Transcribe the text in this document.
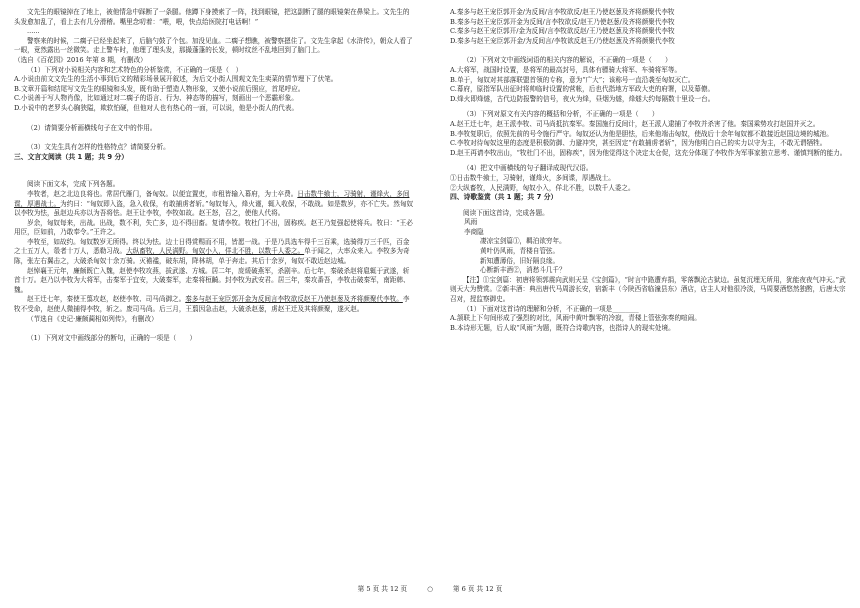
文先生的眼镜掉在了地上，被他情急中踩断了一条腿。他蹲下身摸索了一阵，找到眼镜，把这副断了腿的眼镜架在鼻梁上。文先生的头发愈加乱了，看上去有几分滑稽。嘴里念叨着：“喂，喂，快点给医院打电话啊！”

......

警察来的时候，二瘸子已经坐起来了，后脑勺鼓了个包。加没见血。二瘸子想瞧，被警察摁住了。文先生拿起《水浒传》，朝众人看了一眼，竟然露出一丝微笑。走上警车时，他理了理头发，那撮蓬蓬的长发，顿时纹丝不乱地回到了脑门上。

（选自《百花园》2016 年第 8 期，有删改）

（1）下列对小说相关内容和艺术特色的分析鉴赏，不正确的一项是（　）

A.小说由前文文先生的生活小事到后文的精彩场景展开叙述，为后文小街人围观文先生卖菜的情节埋下了伏笔。

B.文章开篇和结尾写文先生的眼镜和头发，既有助于塑造人物形象，又使小说前后照应，首尾呼应。

C.小说善于写人物肖像，比如通过对二瘸子的语言、行为、神态等的描写，刻画出一个恶霸形象。

D.小说中的老罗头心胸狭隘，欺软怕硬，但他对人也有热心的一面，可以说，他是小街人的代表。

（2）请简要分析画横线句子在文中的作用。

（3）文先生具有怎样的性格特点？请简要分析。

三、文言文阅读（共 1 题；共 9 分）

阅读下面文本，完成下列各题。

李牧者，赵之北边良将也。常居代雁门，备匈奴。以便宜置吏，市租皆输入幕府，为士卒费。日击数牛飨士，习骑射，谨烽火，多间谍，厚遇战士。为约曰：“匈奴即入盗，急入收保，有敢捕虏者斩。”匈奴每入，烽火谨，辄入收保，不敢战。如是数岁，亦不亡失。然匈奴以李牧为怯，虽赵边兵亦以为吾将怯。赵王让李牧，李牧如故。赵王怒，召之，使他人代将。

岁余，匈奴每来，出战。出战，数不利，失亡多，边不得田畜。复请李牧。牧杜门不出，固称疾。赵王乃复强起使将兵。牧曰：“王必用臣，臣如前，乃敢奉令。”王许之。

李牧至，如故约。匈奴数岁无所得。终以为怯。边士日得赏赐而不用，皆愿一战。于是乃具选车得千三百乘，选骑得万三千匹，百金之士五万人，彀者十万人，悉勒习战。大纵畜牧，人民满野。匈奴小入，佯北不胜，以数千人委之。单于闻之，大率众来入。李牧多为奇陈，张左右翼击之，大破杀匈奴十余万骑。灭襜褴，破东胡，降林胡，单于奔走。其后十余岁，匈奴不敢近赵边城。

赵悼襄王元年，廉颇既亡入魏，赵使李牧攻燕，拔武遂、方城。居二年，庞煖破燕军，杀剧辛。后七年，秦破杀赵将扈辄于武遂，斩首十万。赵乃以李牧为大将军，击秦军于宜安，大破秦军，走秦将桓齮。封李牧为武安君。居三年，秦攻番吾，李牧击破秦军，南距韩、魏。

赵王迁七年，秦使王翦攻赵，赵使李牧、司马尚御之。秦多与赵王宠臣郭开金为反间言李牧欲反赵王乃使赵葱及齐将颜聚代李牧。李牧不受命，赵使人微捕得李牧，斩之。废司马尚。后三月，王翦因急击赵，大破杀赵葱，虏赵王迁及其将颜聚，遂灭赵。

（节选自《史记·廉颇蔺相如列传》，有删改）

（1）下列对文中画线部分的断句，正确的一项是（　　）

A.秦多与赵王宠臣郭开金/为反间/言李牧欲反/赵王乃使赵葱及齐将颜聚代李牧

B.秦多与赵王宠臣郭开金为反间/言李牧欲反/赵王乃使赵葱/及齐将颜聚代李牧

C.秦多与赵王宠臣郭开/金为反间/言李牧欲反赵/王乃使赵葱及齐将颜聚代李牧

D.秦多与赵王宠臣郭开金/为反间言/李牧欲反赵王/乃使赵葱及齐将颜聚代李牧

（2）下列对文中画线词语的相关内容的解说，不正确的一项是（　　）

A.大将军，战国时设置，是将军的最高封号，具体有骠骑大将军、车骑将军等。

B.单于，匈奴对其部落联盟首领的专称，意为“广大”；该称号一直沿袭至匈奴灭亡。

C.幕府，原指军队出征时将帅临时设置的营帐，后也代指地方军政大吏的府署，以及幕僚。

D.烽火即烽燧，古代边防报警的信号，夜火为烽，昼烟为燧，烽燧大约每隔数十里设一台。

（3）下列对原文有关内容的概括和分析，不正确的一项是（　　）

A.赵王迁七年，赵王派李牧、司马尚抵抗秦军。秦国施行反间计，赵王派人逮捕了李牧并杀害了他。秦国乘势攻打赵国并灭之。

B.李牧复职后，依照先前的号令施行严守。匈奴还认为他是胆怯，后来他端击匈奴，使战后十余年匈奴都不敢接近赵国边境的城池。

C.李牧对待匈奴这里的态度是积极防御、力避冲突，甚至因定“有敢捕虏者斩”，因为他明白自己的实力以守为主，不敢无谓牺牲。

D.赵王再请李牧出山，“牧杜门不出，固称疾”，因为他觉得这个决定太仓促，这充分体现了李牧作为军事家独立思考、谨慎判断的能力。

（4）把文中画横线的句子翻译成现代汉语。

①日击数牛飨士，习骑射，谨烽火，多间谍，厚遇战士。

②大纵畜牧，人民满野，匈奴小入，佯北不胜，以数千人委之。

四、诗歌鉴赏（共 1 题；共 7 分）

阅读下面这首诗，完成各题。

风雨

李商隐

凄凉宝剑篇①，羁泊欲穷年。

黄叶仍风雨，青楼自管弦。

新知遭薄俗，旧好隔良缘。

心断新丰酒②，消愁斗几千？

【注】①宝剑篇：初唐将领郭震向武则天呈《宝剑篇》，“时言中路遭弃捐，零落飘沦古狱边。虽复沉埋无所用，犹能夜夜气冲天。”武则天大为赞赏。②新丰酒：典出唐代马周游长安，宿新丰（今陕西省临潼县东）酒店，店主人对他很冷淡，马周要酒悠然独酌，后唐太宗召对，授监察御史。

（1）下面对这首诗的理解和分析，不正确的一项是________

A.颔联上下句间形成了强烈的对比，风雨中黄叶飘零的冷寂，青楼上管弦弥奏的喧闹。

B.本诗形无题，后人取“风雨”为题，既符合诗歌内容，也指诗人的现实处境。

第 5 页 共 12 页	○	第 6 页 共 12 页
